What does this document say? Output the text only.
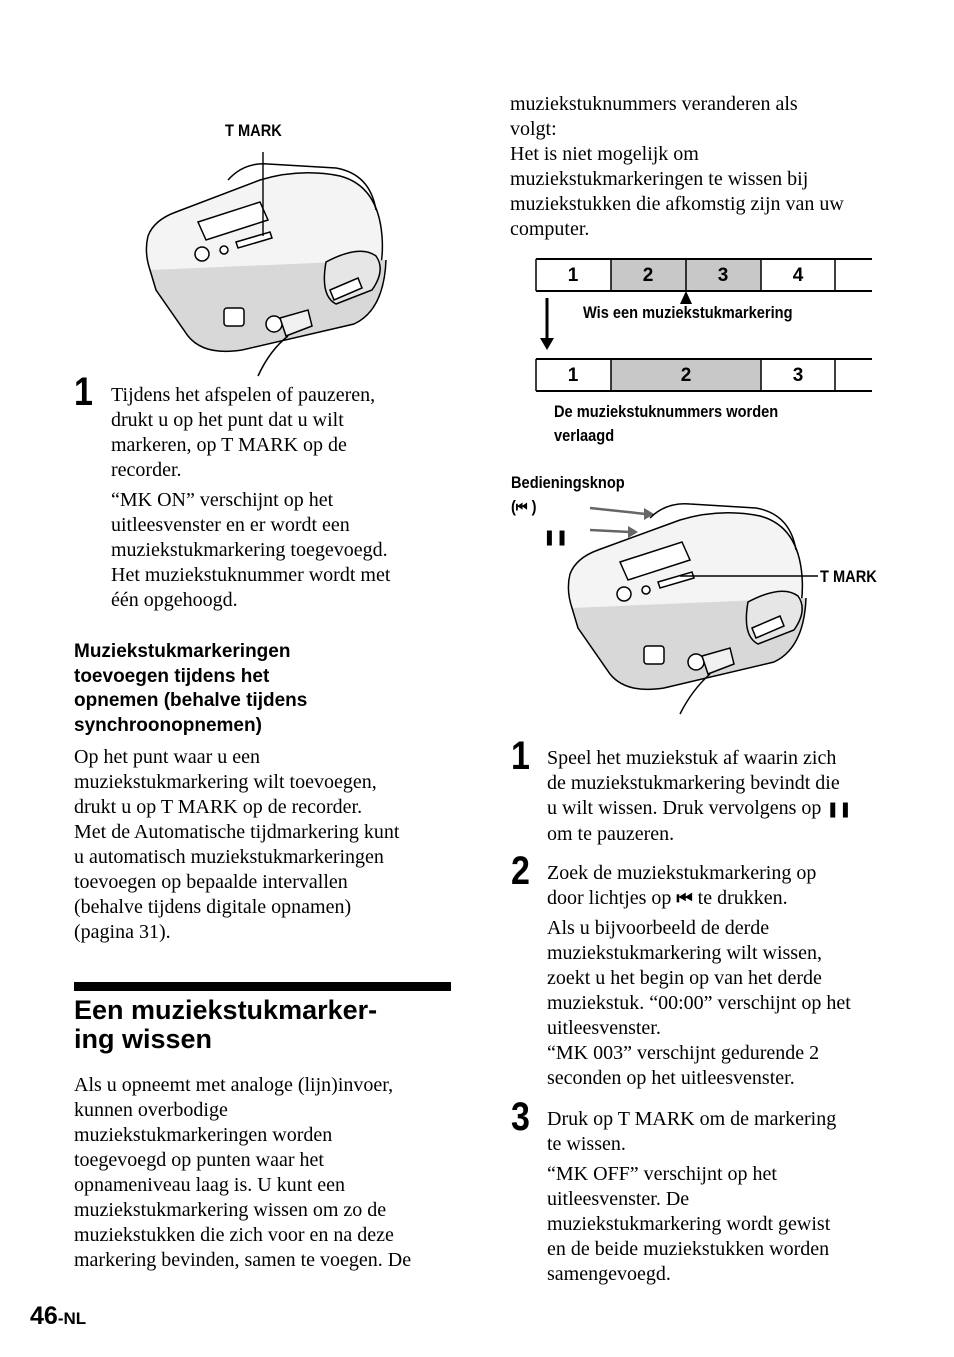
T MARK
1 Tijdens het afspelen of pauzeren,

drukt u op het punt dat u wilt

markeren, op T MARK op de

recorder.

“MK ON” verschijnt op het

uitleesvenster en er wordt een

muziekstukmarkering toegevoegd.

Het muziekstuknummer wordt met

één opgehoogd.

Muziekstukmarkeringen

toevoegen tijdens het

opnemen (behalve tijdens

synchroonopnemen)

Op het punt waar u een

muziekstukmarkering wilt toevoegen,

drukt u op T MARK op de recorder.

Met de Automatische tijdmarkering kunt

u automatisch muziekstukmarkeringen

toevoegen op bepaalde intervallen

(behalve tijdens digitale opnamen)

(pagina 31).

Een muziekstukmarker-

ing wissen

Als u opneemt met analoge (lijn)invoer,

kunnen overbodige

muziekstukmarkeringen worden

toegevoegd op punten waar het

opnameniveau laag is. U kunt een

muziekstukmarkering wissen om zo de

muziekstukken die zich voor en na deze

markering bevinden, samen te voegen. De

muziekstuknummers veranderen als

volgt:

Het is niet mogelijk om

muziekstukmarkeringen te wissen bij

muziekstukken die afkomstig zijn van uw

computer.

1	2	3	4
1	2	3
Wis een muziekstukmarkering

De muziekstuknummers worden

verlaagd

Bedieningsknop

(⏮ )

❚❚
T MARK
1 Speel het muziekstuk af waarin zich

de muziekstukmarkering bevindt die

u wilt wissen. Druk vervolgens op ❚❚

om te pauzeren.

2 Zoek de muziekstukmarkering op

door lichtjes op ⏮ te drukken.

Als u bijvoorbeeld de derde

muziekstukmarkering wilt wissen,

zoekt u het begin op van het derde

muziekstuk. “00:00” verschijnt op het

uitleesvenster.

“MK 003” verschijnt gedurende 2

seconden op het uitleesvenster.

3 Druk op T MARK om de markering

te wissen.

“MK OFF” verschijnt op het

uitleesvenster. De

muziekstukmarkering wordt gewist

en de beide muziekstukken worden

samengevoegd.

46-NL
